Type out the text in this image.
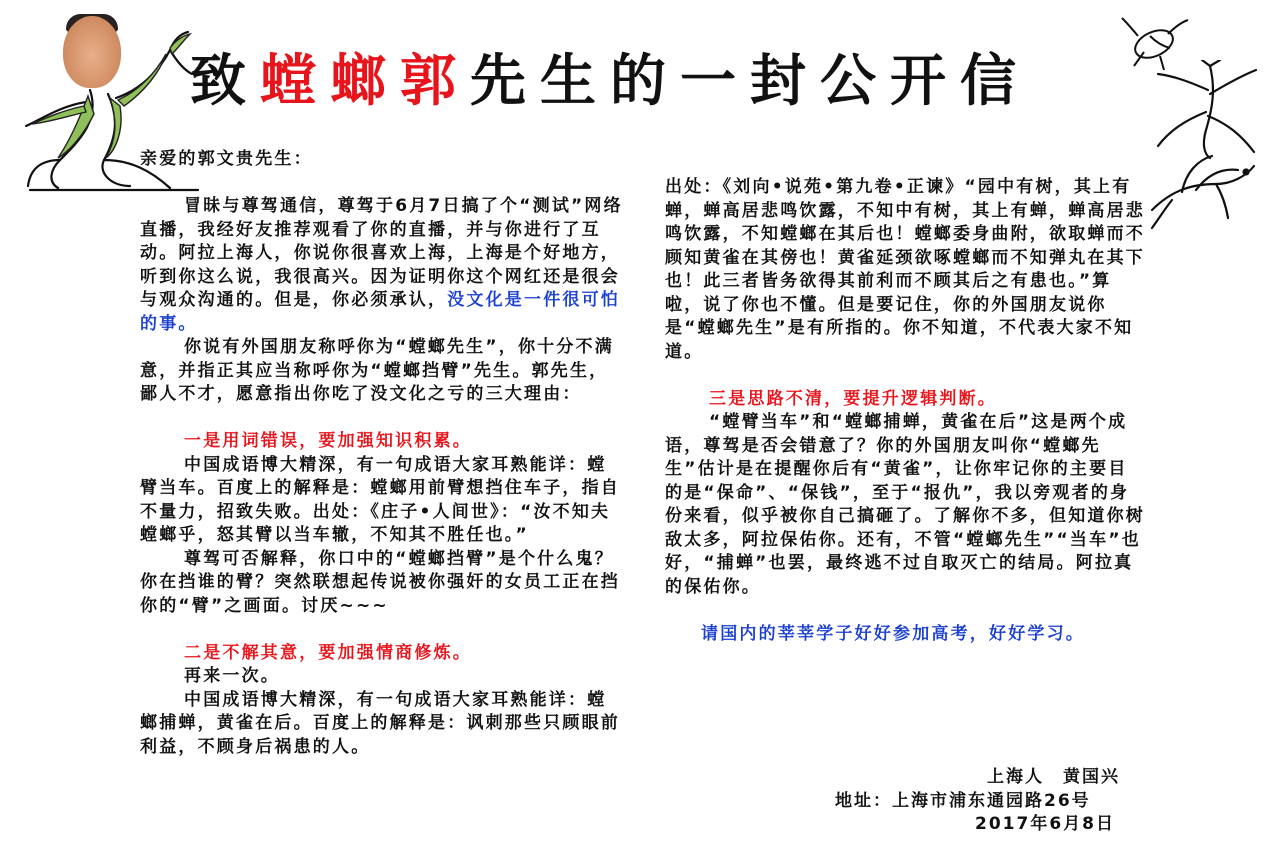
致螳螂郭先生的一封公开信

亲爱的郭文贵先生：

冒昧与尊驾通信，尊驾于6月7日搞了个“测试”网络直播，我经好友推荐观看了你的直播，并与你进行了互动。阿拉上海人，你说你很喜欢上海，上海是个好地方，听到你这么说，我很高兴。因为证明你这个网红还是很会与观众沟通的。但是，你必须承认，没文化是一件很可怕的事。

你说有外国朋友称呼你为“螳螂先生”，你十分不满意，并指正其应当称呼你为“螳螂挡臂”先生。郭先生，鄙人不才，愿意指出你吃了没文化之亏的三大理由：

一是用词错误，要加强知识积累。

中国成语博大精深，有一句成语大家耳熟能详：螳臂当车。百度上的解释是：螳螂用前臂想挡住车子，指自不量力，招致失败。出处：《庄子•人间世》：“汝不知夫螳螂乎，怒其臂以当车辙，不知其不胜任也。”

尊驾可否解释，你口中的“螳螂挡臂”是个什么鬼？你在挡谁的臂？突然联想起传说被你强奸的女员工正在挡你的“臂”之画面。讨厌~~~

二是不解其意，要加强情商修炼。

再来一次。

中国成语博大精深，有一句成语大家耳熟能详：螳螂捕蝉，黄雀在后。百度上的解释是：讽刺那些只顾眼前利益，不顾身后祸患的人。

出处：《刘向•说苑•第九卷•正谏》“园中有树，其上有蝉，蝉高居悲鸣饮露，不知中有树，其上有蝉，蝉高居悲鸣饮露，不知螳螂在其后也！螳螂委身曲附，欲取蝉而不顾知黄雀在其傍也！黄雀延颈欲啄螳螂而不知弹丸在其下也！此三者皆务欲得其前利而不顾其后之有患也。”算啦，说了你也不懂。但是要记住，你的外国朋友说你是“螳螂先生”是有所指的。你不知道，不代表大家不知道。

三是思路不清，要提升逻辑判断。

“螳臂当车”和“螳螂捕蝉，黄雀在后”这是两个成语，尊驾是否会错意了？你的外国朋友叫你“螳螂先生”估计是在提醒你后有“黄雀”，让你牢记你的主要目的是“保命”、“保钱”，至于“报仇”，我以旁观者的身份来看，似乎被你自己搞砸了。了解你不多，但知道你树敌太多，阿拉保佑你。还有，不管“螳螂先生”“当车”也好，“捕蝉”也罢，最终逃不过自取灭亡的结局。阿拉真的保佑你。

请国内的莘莘学子好好参加高考，好好学习。

上海人　黄国兴
地址：上海市浦东通园路26号
2017年6月8日
